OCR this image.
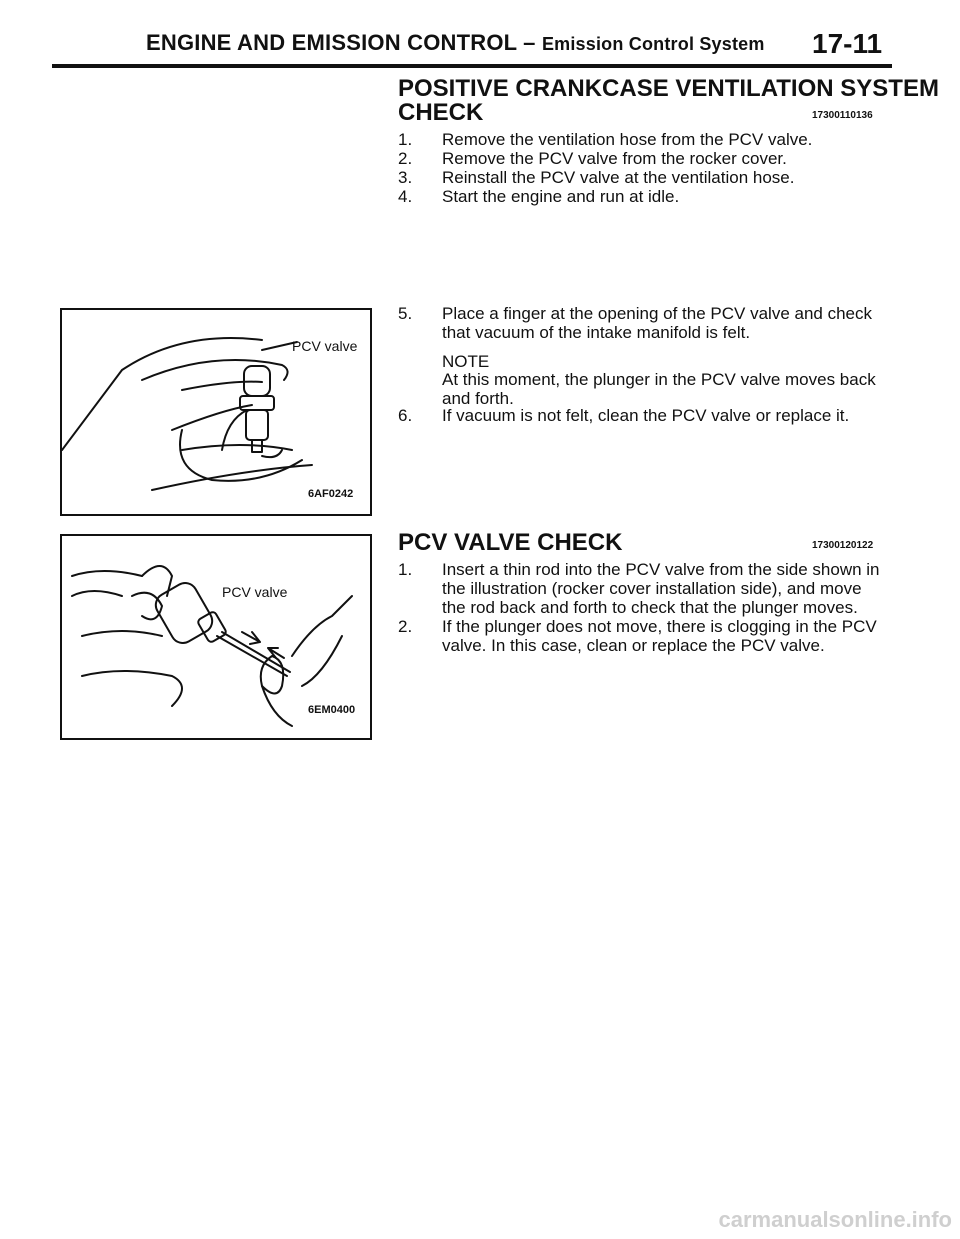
ENGINE AND EMISSION CONTROL – Emission Control System 17-11
POSITIVE CRANKCASE VENTILATION SYSTEM
CHECK	17300110136
1. Remove the ventilation hose from the PCV valve.
2. Remove the PCV valve from the rocker cover.
3. Reinstall the PCV valve at the ventilation hose.
4. Start the engine and run at idle.
PCV valve
6AF0242
5. Place a finger at the opening of the PCV valve and check that vacuum of the intake manifold is felt.
NOTE
At this moment, the plunger in the PCV valve moves back and forth.
6. If vacuum is not felt, clean the PCV valve or replace it.
PCV valve
6EM0400
PCV VALVE CHECK	17300120122
1. Insert a thin rod into the PCV valve from the side shown in the illustration (rocker cover installation side), and move the rod back and forth to check that the plunger moves.
2. If the plunger does not move, there is clogging in the PCV valve. In this case, clean or replace the PCV valve.
carmanualsonline.info
